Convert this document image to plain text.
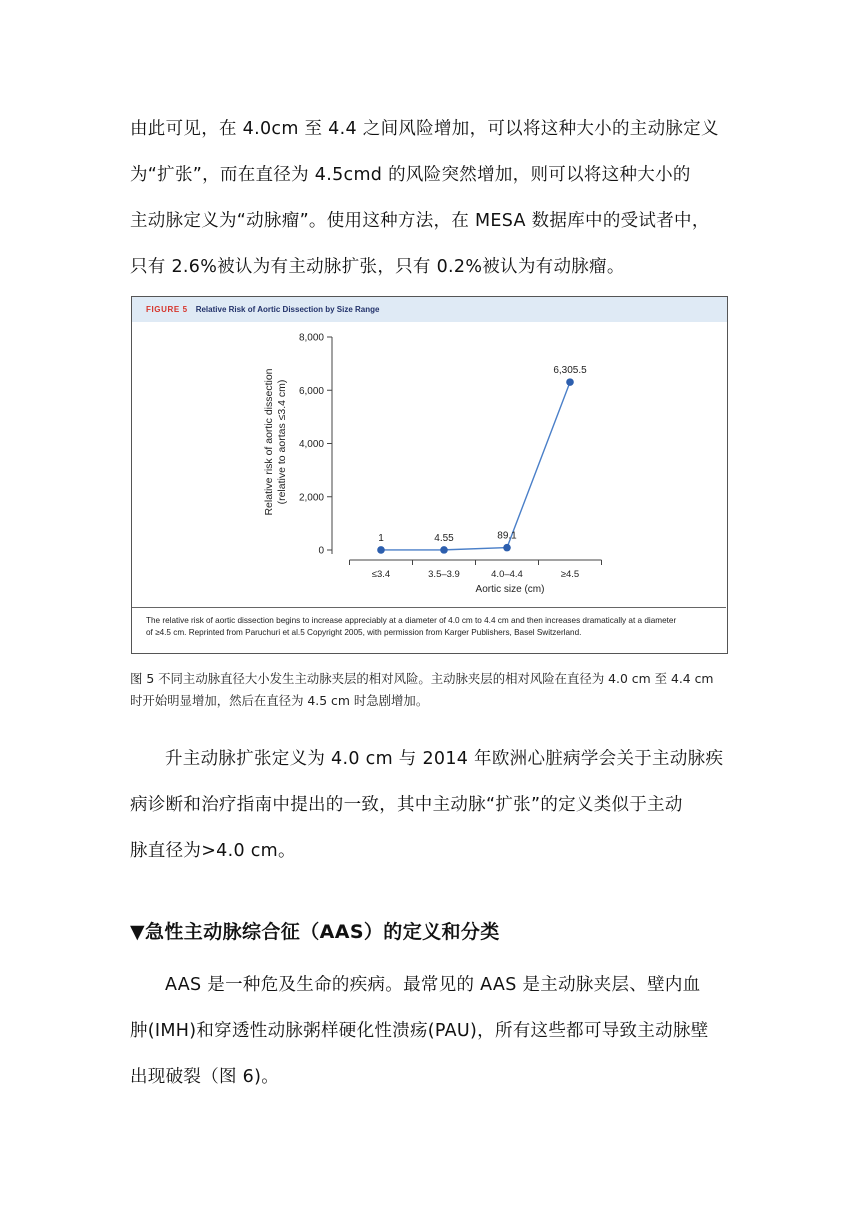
由此可见，在 4.0cm 至 4.4 之间风险增加，可以将这种大小的主动脉定义
为“扩张”，而在直径为 4.5cmd 的风险突然增加，则可以将这种大小的
主动脉定义为“动脉瘤”。使用这种方法，在 MESA 数据库中的受试者中，
只有 2.6%被认为有主动脉扩张，只有 0.2%被认为有动脉瘤。
FIGURE 5 Relative Risk of Aortic Dissection by Size Range
Relative risk of aortic dissection (relative to aortas ≤3.4 cm)
0
2,000
4,000
6,000
8,000
≤3.4	3.5–3.9	4.0–4.4	≥4.5
1	4.55	89.1
6,305.5
Aortic size (cm)
The relative risk of aortic dissection begins to increase appreciably at a diameter of 4.0 cm to 4.4 cm and then increases dramatically at a diameter
of ≥4.5 cm. Reprinted from Paruchuri et al.5 Copyright 2005, with permission from Karger Publishers, Basel Switzerland.
图 5 不同主动脉直径大小发生主动脉夹层的相对风险。主动脉夹层的相对风险在直径为 4.0 cm 至 4.4 cm
时开始明显增加，然后在直径为 4.5 cm 时急剧增加。
升主动脉扩张定义为 4.0 cm 与 2014 年欧洲心脏病学会关于主动脉疾
病诊断和治疗指南中提出的一致，其中主动脉“扩张”的定义类似于主动
脉直径为>4.0 cm。
▼急性主动脉综合征（AAS）的定义和分类
AAS 是一种危及生命的疾病。最常见的 AAS 是主动脉夹层、壁内血
肿(IMH)和穿透性动脉粥样硬化性溃疡(PAU)，所有这些都可导致主动脉壁
出现破裂（图 6)。
